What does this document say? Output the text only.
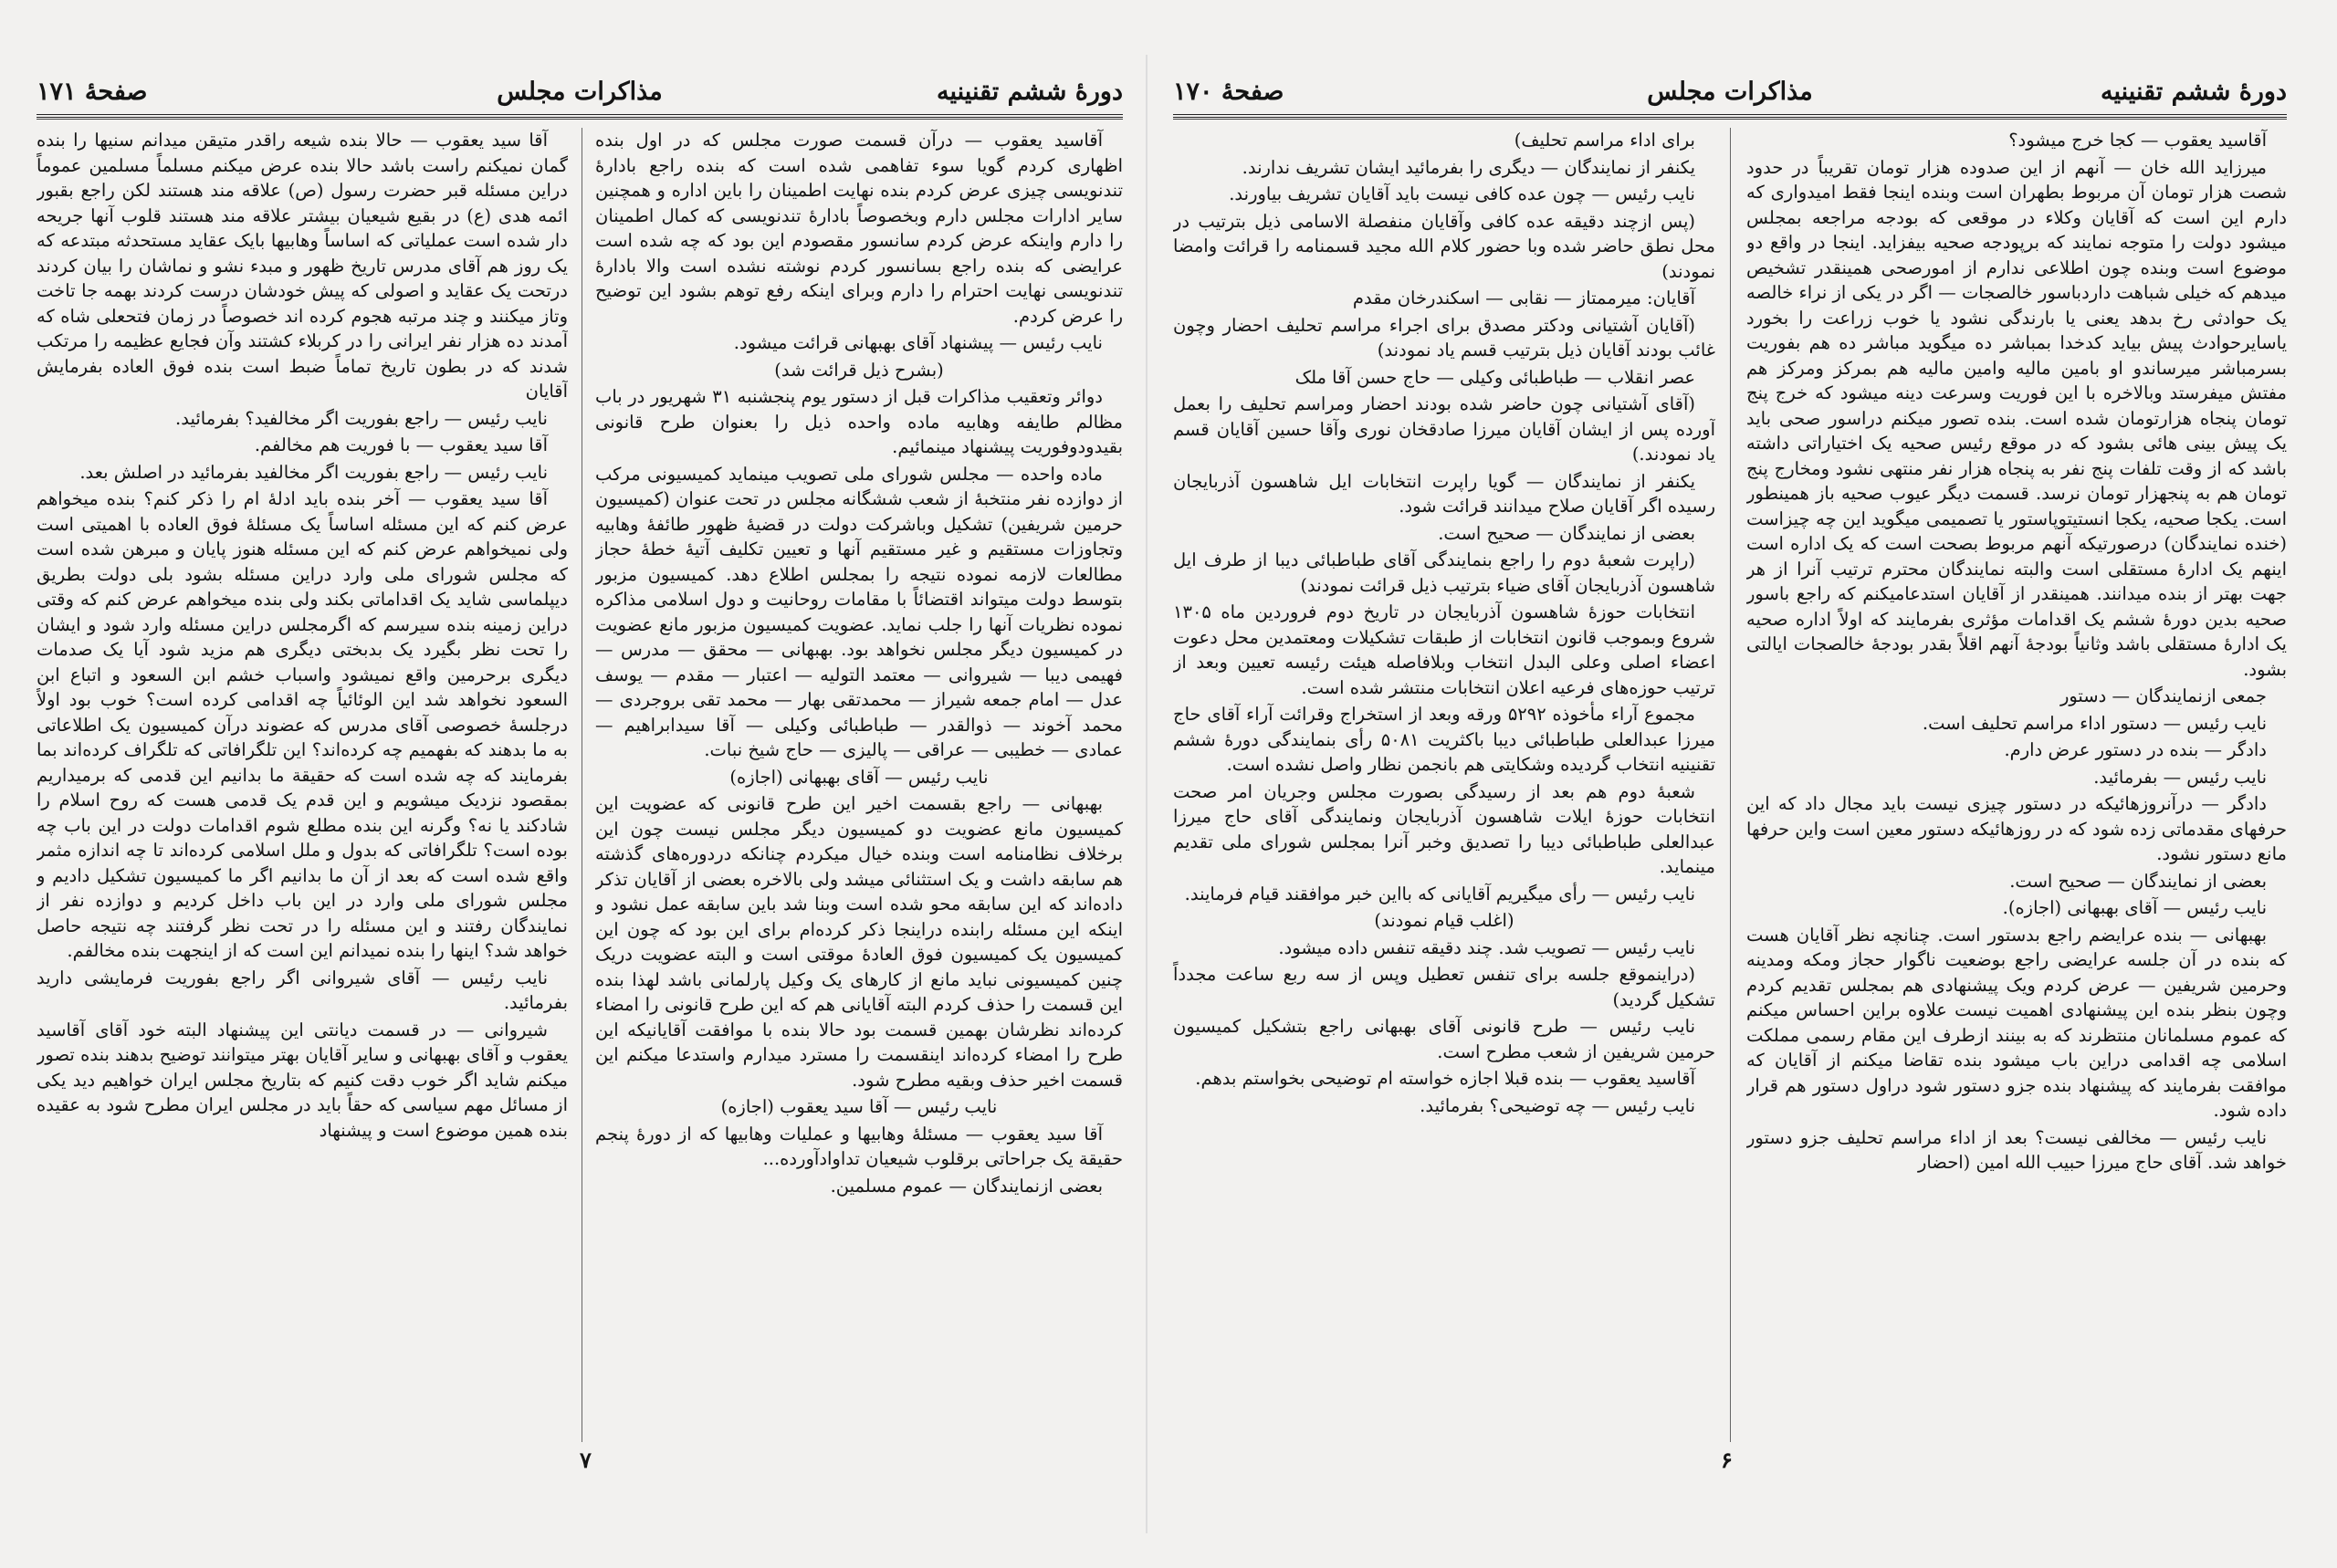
دورهٔ ششم تقنینیه
مذاکرات مجلس
صفحهٔ ۱۷۱

آقاسید یعقوب — درآن قسمت صورت مجلس که در اول بنده اظهاری کردم گویا سوء تفاهمی شده است که بنده راجع بادارهٔ تندنویسی چیزی عرض کردم بنده نهایت اطمینان را باین اداره و همچنین سایر ادارات مجلس دارم وبخصوصاً بادارهٔ تندنویسی که کمال اطمینان را دارم واینکه عرض کردم سانسور مقصودم این بود که چه شده است عرایضی که بنده راجع بسانسور کردم نوشته نشده است والا بادارهٔ تندنویسی نهایت احترام را دارم وبرای اینکه رفع توهم بشود این توضیح را عرض کردم.

نایب رئیس — پیشنهاد آقای بهبهانی قرائت میشود.

(بشرح ذیل قرائت شد)

دوائر وتعقیب مذاکرات قبل از دستور یوم پنجشنبه ۳۱ شهریور در باب مظالم طایفه وهابیه ماده واحده ذیل را بعنوان طرح قانونی بقیدودوفوریت پیشنهاد مینمائیم.

ماده واحده — مجلس شورای ملی تصویب مینماید کمیسیونی مرکب از دوازده نفر منتخبهٔ از شعب ششگانه مجلس در تحت عنوان (کمیسیون حرمین شریفین) تشکیل وباشرکت دولت در قضیهٔ ظهور طائفهٔ وهابیه وتجاوزات مستقیم و غیر مستقیم آنها و تعیین تکلیف آتیهٔ خطهٔ حجاز مطالعات لازمه نموده نتیجه را بمجلس اطلاع دهد. کمیسیون مزبور بتوسط دولت میتواند اقتضائاً با مقامات روحانیت و دول اسلامی مذاکره نموده نظریات آنها را جلب نماید. عضویت کمیسیون مزبور مانع عضویت در کمیسیون دیگر مجلس نخواهد بود. بهبهانی — محقق — مدرس — فهیمی دیبا — شیروانی — معتمد التولیه — اعتبار — مقدم — یوسف عدل — امام جمعه شیراز — محمدتقی بهار — محمد تقی بروجردی — محمد آخوند — ذوالقدر — طباطبائی وکیلی — آقا سیدابراهیم — عمادی — خطیبی — عراقی — پالیزی — حاج شیخ نبات.

نایب رئیس — آقای بهبهانی (اجازه)

بهبهانی — راجع بقسمت اخیر این طرح قانونی که عضویت این کمیسیون مانع عضویت دو کمیسیون دیگر مجلس نیست چون این برخلاف نظامنامه است وبنده خیال میکردم چنانکه دردوره‌های گذشته هم سابقه داشت و یک استثنائی میشد ولی بالاخره بعضی از آقایان تذکر داده‌اند که این سابقه محو شده است وبنا شد باین سابقه عمل نشود و اینکه این مسئله رابنده دراینجا ذکر کرده‌ام برای این بود که چون این کمیسیون یک کمیسیون فوق العادهٔ موقتی است و البته عضویت دریک چنین کمیسیونی نباید مانع از کارهای یک وکیل پارلمانی باشد لهذا بنده این قسمت را حذف کردم البته آقایانی هم که این طرح قانونی را امضاء کرده‌اند نظرشان بهمین قسمت بود حالا بنده با موافقت آقایانیکه این طرح را امضاء کرده‌اند اینقسمت را مسترد میدارم واستدعا میکنم این قسمت اخیر حذف وبقیه مطرح شود.

نایب رئیس — آقا سید یعقوب (اجازه)

آقا سید یعقوب — مسئلهٔ وهابیها و عملیات وهابیها که از دورهٔ پنجم حقیقة یک جراحاتی برقلوب شیعیان تداوادآورده...

بعضی ازنمایندگان — عموم مسلمین.

آقا سید یعقوب — حالا بنده شیعه راقدر متیقن میدانم سنیها را بنده گمان نمیکنم راست باشد حالا بنده عرض میکنم مسلماً مسلمین عموماً دراین مسئله قبر حضرت رسول (ص) علاقه مند هستند لکن راجع بقبور ائمه هدی (ع) در بقیع شیعیان بیشتر علاقه مند هستند قلوب آنها جریحه دار شده است عملیاتی که اساساً وهابیها بایک عقاید مستحدثه مبتدعه که یک روز هم آقای مدرس تاریخ ظهور و مبدء نشو و نماشان را بیان کردند درتحت یک عقاید و اصولی که پیش خودشان درست کردند بهمه جا تاخت وتاز میکنند و چند مرتبه هجوم کرده اند خصوصاً در زمان فتحعلی شاه که آمدند ده هزار نفر ایرانی را در کربلاء کشتند وآن فجایع عظیمه را مرتکب شدند که در بطون تاریخ تماماً ضبط است بنده فوق العاده بفرمایش آقایان

نایب رئیس — راجع بفوریت اگر مخالفید؟ بفرمائید.

آقا سید یعقوب — با فوریت هم مخالفم.

نایب رئیس — راجع بفوریت اگر مخالفید بفرمائید در اصلش بعد.

آقا سید یعقوب — آخر بنده باید ادلهٔ ام را ذکر کنم؟ بنده میخواهم عرض کنم که این مسئله اساساً یک مسئلهٔ فوق العاده با اهمیتی است ولی نمیخواهم عرض کنم که این مسئله هنوز پایان و مبرهن شده است که مجلس شورای ملی وارد دراین مسئله بشود بلی دولت بطریق دیپلماسی شاید یک اقداماتی بکند ولی بنده میخواهم عرض کنم که وقتی دراین زمینه بنده سیرسم که اگرمجلس دراین مسئله وارد شود و ایشان را تحت نظر بگیرد یک بدبختی دیگری هم مزید شود آیا یک صدمات دیگری برحرمین واقع نمیشود واسباب خشم ابن السعود و اتباع ابن السعود نخواهد شد این الوئائیاً چه اقدامی کرده است؟ خوب بود اولاً درجلسهٔ خصوصی آقای مدرس که عضوند درآن کمیسیون یک اطلاعاتی به ما بدهند که بفهمیم چه کرده‌اند؟ این تلگرافاتی که تلگراف کرده‌اند بما بفرمایند که چه شده است که حقیقة ما بدانیم این قدمی که برمیداریم بمقصود نزدیک میشویم و این قدم یک قدمی هست که روح اسلام را شادکند یا نه؟ وگرنه این بنده مطلع شوم اقدامات دولت در این باب چه بوده است؟ تلگرافاتی که بدول و ملل اسلامی کرده‌اند تا چه اندازه مثمر واقع شده است که بعد از آن ما بدانیم اگر ما کمیسیون تشکیل دادیم و مجلس شورای ملی وارد در این باب داخل کردیم و دوازده نفر از نمایندگان رفتند و این مسئله را در تحت نظر گرفتند چه نتیجه حاصل خواهد شد؟ اینها را بنده نمیدانم این است که از اینجهت بنده مخالفم.

نایب رئیس — آقای شیروانی اگر راجع بفوریت فرمایشی دارید بفرمائید.

شیروانی — در قسمت دیانتی این پیشنهاد البته خود آقای آقاسید یعقوب و آقای بهبهانی و سایر آقایان بهتر میتوانند توضیح بدهند بنده تصور میکنم شاید اگر خوب دقت کنیم که بتاریخ مجلس ایران خواهیم دید یکی از مسائل مهم سیاسی که حقاً باید در مجلس ایران مطرح شود به عقیده بنده همین موضوع است و پیشنهاد

۷
دورهٔ ششم تقنینیه
مذاکرات مجلس
صفحهٔ ۱۷۰

آقاسید یعقوب — کجا خرج میشود؟

میرزاید الله خان — آنهم از این صدوده هزار تومان تقریباً در حدود شصت هزار تومان آن مربوط بطهران است وبنده اینجا فقط امیدواری که دارم این است که آقایان وکلاء در موقعی که بودجه مراجعه بمجلس میشود دولت را متوجه نمایند که برپودجه صحیه بیفزاید. اینجا در واقع دو موضوع است وبنده چون اطلاعی ندارم از امورصحی همینقدر تشخیص میدهم که خیلی شباهت داردباسور خالصجات — اگر در یکی از نراء خالصه یک حوادثی رخ بدهد یعنی یا بارندگی نشود یا خوب زراعت را بخورد یاسایرحوادث پیش بیاید کدخدا بمباشر ده میگوید مباشر ده هم بفوریت بسرمباشر میرساندو او بامین مالیه وامین مالیه هم بمرکز ومرکز هم مفتش میفرستد وبالاخره با این فوریت وسرعت دینه میشود که خرج پنج تومان پنجاه هزارتومان شده است. بنده تصور میکنم دراسور صحی باید یک پیش بینی هائی بشود که در موقع رئیس صحیه یک اختیاراتی داشته باشد که از وقت تلفات پنج نفر به پنجاه هزار نفر منتهی نشود ومخارج پنج تومان هم به پنجهزار تومان نرسد. قسمت دیگر عیوب صحیه باز همینطور است. یکجا صحیه، یکجا انستیتوپاستور یا تصمیمی میگوید این چه چیزاست (خنده نمایندگان) درصورتیکه آنهم مربوط بصحت است که یک اداره است اینهم یک ادارهٔ مستقلی است والبته نمایندگان محترم ترتیب آنرا از هر جهت بهتر از بنده میدانند. همینقدر از آقایان استدعامیکنم که راجع باسور صحیه بدین دورهٔ ششم یک اقدامات مؤثری بفرمایند که اولاً اداره صحیه یک ادارهٔ مستقلی باشد وثانیاً بودجهٔ آنهم اقلاً بقدر بودجهٔ خالصجات ایالتی بشود.

جمعی ازنمایندگان — دستور

نایب رئیس — دستور اداء مراسم تحلیف است.

دادگر — بنده در دستور عرض دارم.

نایب رئیس — بفرمائید.

دادگر — درآنروزهائیکه در دستور چیزی نیست باید مجال داد که این حرفهای مقدماتی زده شود که در روزهائیکه دستور معین است واین حرفها مانع دستور نشود.

بعضی از نمایندگان — صحیح است.

نایب رئیس — آقای بهبهانی (اجازه).

بهبهانی — بنده عرایضم راجع بدستور است. چنانچه نظر آقایان هست که بنده در آن جلسه عرایضی راجع بوضعیت ناگوار حجاز ومکه ومدینه وحرمین شریفین — عرض کردم ویک پیشنهادی هم بمجلس تقدیم کردم وچون بنظر بنده این پیشنهادی اهمیت نیست علاوه براین احساس میکنم که عموم مسلمانان منتظرند که به بینند ازطرف این مقام رسمی مملکت اسلامی چه اقدامی دراین باب میشود بنده تقاضا میکنم از آقایان که موافقت بفرمایند که پیشنهاد بنده جزو دستور شود دراول دستور هم قرار داده شود.

نایب رئیس — مخالفی نیست؟ بعد از اداء مراسم تحلیف جزو دستور خواهد شد. آقای حاج میرزا حبیب الله امین (احضار

برای اداء مراسم تحلیف)

یکنفر از نمایندگان — دیگری را بفرمائید ایشان تشریف ندارند.

نایب رئیس — چون عده کافی نیست باید آقایان تشریف بیاورند.

(پس ازچند دقیقه عده کافی وآقایان منفصلة الاسامی ذیل بترتیب در محل نطق حاضر شده وبا حضور کلام الله مجید قسمنامه را قرائت وامضا نمودند)

آقایان: میرممتاز — نقابی — اسکندرخان مقدم

(آقایان آشتیانی ودکتر مصدق برای اجراء مراسم تحلیف احضار وچون غائب بودند آقایان ذیل بترتیب قسم یاد نمودند)

عصر انقلاب — طباطبائی وکیلی — حاج حسن آقا ملک

(آقای آشتیانی چون حاضر شده بودند احضار ومراسم تحلیف را بعمل آورده پس از ایشان آقایان میرزا صادقخان نوری وآقا حسین آقایان قسم یاد نمودند.)

یکنفر از نمایندگان — گویا راپرت انتخابات ایل شاهسون آذربایجان رسیده اگر آقایان صلاح میدانند قرائت شود.

بعضی از نمایندگان — صحیح است.

(راپرت شعبهٔ دوم را راجع بنمایندگی آقای طباطبائی دیبا از طرف ایل شاهسون آذربایجان آقای ضیاء بترتیب ذیل قرائت نمودند)

انتخابات حوزهٔ شاهسون آذربایجان در تاریخ دوم فروردین ماه ۱۳۰۵ شروع وبموجب قانون انتخابات از طبقات تشکیلات ومعتمدین محل دعوت اعضاء اصلی وعلی البدل انتخاب وبلافاصله هیئت رئیسه تعیین وبعد از ترتیب حوزه‌های فرعیه اعلان انتخابات منتشر شده است.

مجموع آراء مأخوذه ۵۲۹۲ ورقه وبعد از استخراج وقرائت آراء آقای حاج میرزا عبدالعلی طباطبائی دیبا باکثریت ۵۰۸۱ رأی بنمایندگی دورهٔ ششم تقنینیه انتخاب گردیده وشکایتی هم بانجمن نظار واصل نشده است.

شعبهٔ دوم هم بعد از رسیدگی بصورت مجلس وجریان امر صحت انتخابات حوزهٔ ایلات شاهسون آذربایجان ونمایندگی آقای حاج میرزا عبدالعلی طباطبائی دیبا را تصدیق وخبر آنرا بمجلس شورای ملی تقدیم مینماید.

نایب رئیس — رأی میگیریم آقایانی که بااین خبر موافقند قیام فرمایند.

(اغلب قیام نمودند)

نایب رئیس — تصویب شد. چند دقیقه تنفس داده میشود.

(دراینموقع جلسه برای تنفس تعطیل وپس از سه ربع ساعت مجدداً تشکیل گردید)

نایب رئیس — طرح قانونی آقای بهبهانی راجع بتشکیل کمیسیون حرمین شریفین از شعب مطرح است.

آقاسید یعقوب — بنده قبلا اجازه خواسته ام توضیحی بخواستم بدهم.

نایب رئیس — چه توضیحی؟ بفرمائید.

۶
